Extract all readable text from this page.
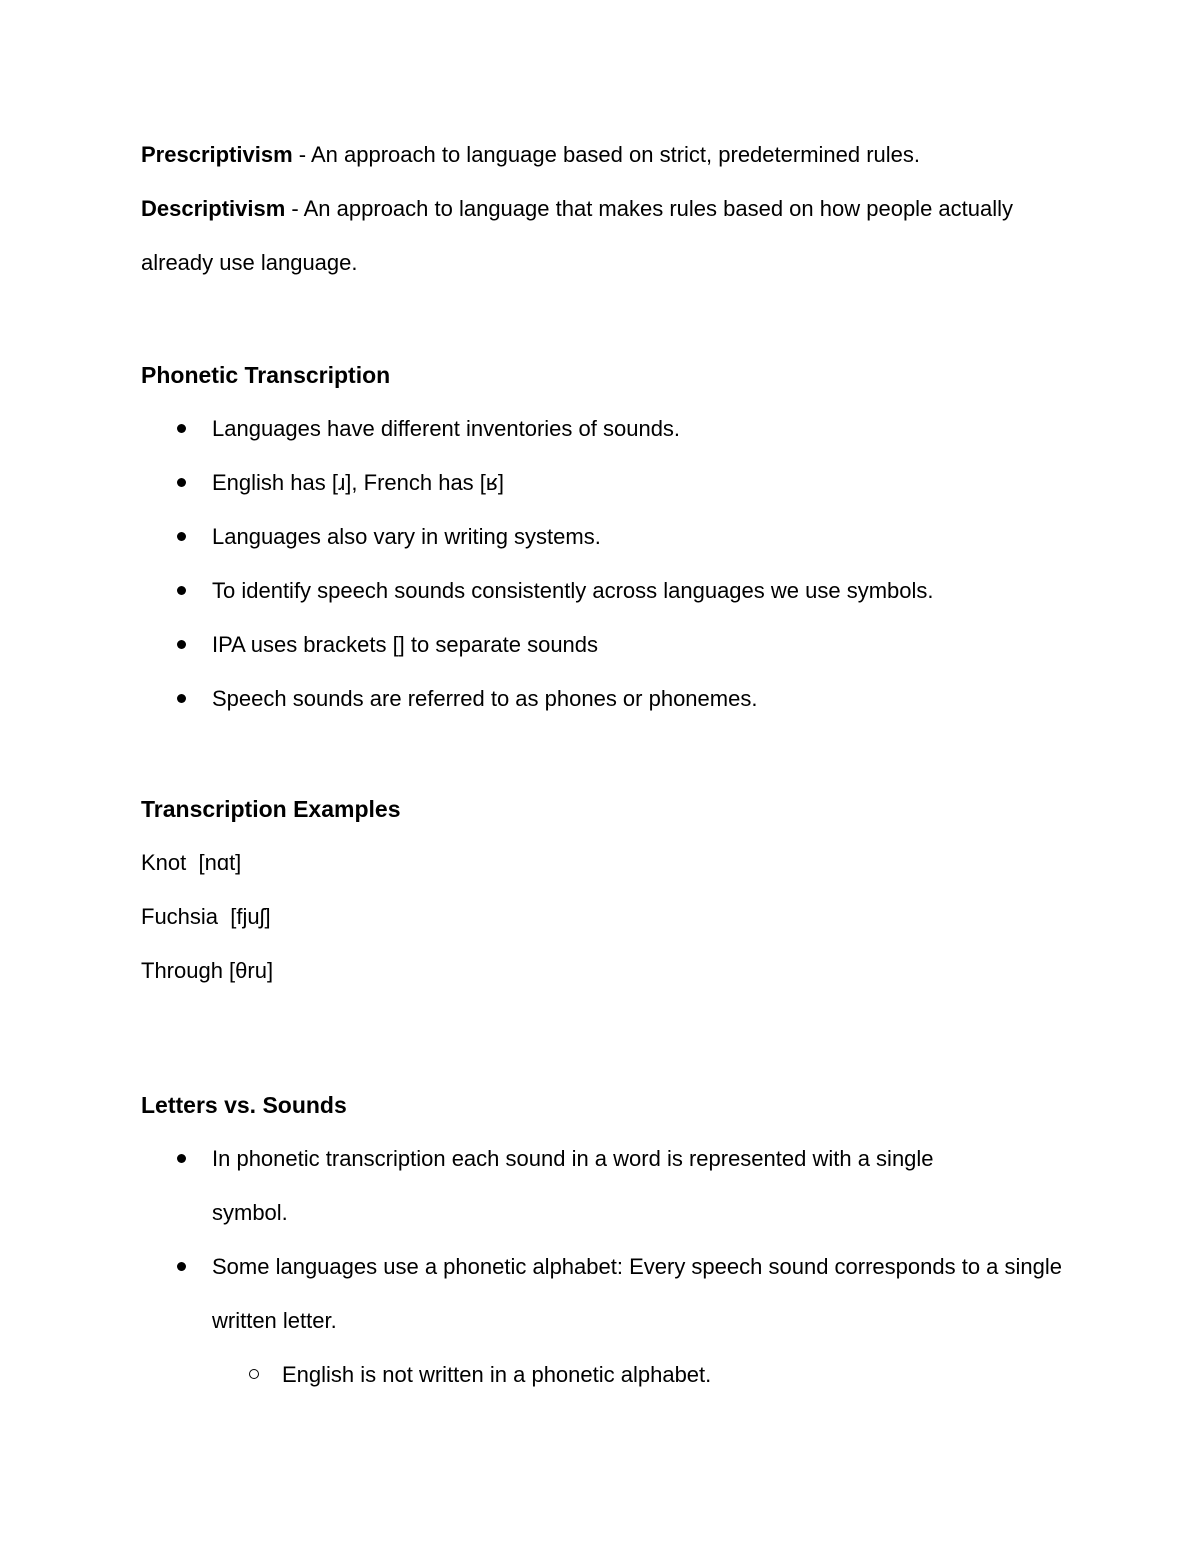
Prescriptivism - An approach to language based on strict, predetermined rules.

Descriptivism - An approach to language that makes rules based on how people actually already use language.

Phonetic Transcription
Languages have different inventories of sounds.
English has [ɹ], French has [ʁ]
Languages also vary in writing systems.
To identify speech sounds consistently across languages we use symbols.
IPA uses brackets [] to separate sounds
Speech sounds are referred to as phones or phonemes.
Transcription Examples

Knot  [nɑt]

Fuchsia  [fjuʃ]

Through [θru]

Letters vs. Sounds
In phonetic transcription each sound in a word is represented with a single symbol.
Some languages use a phonetic alphabet: Every speech sound corresponds to a single written letter.
English is not written in a phonetic alphabet.
